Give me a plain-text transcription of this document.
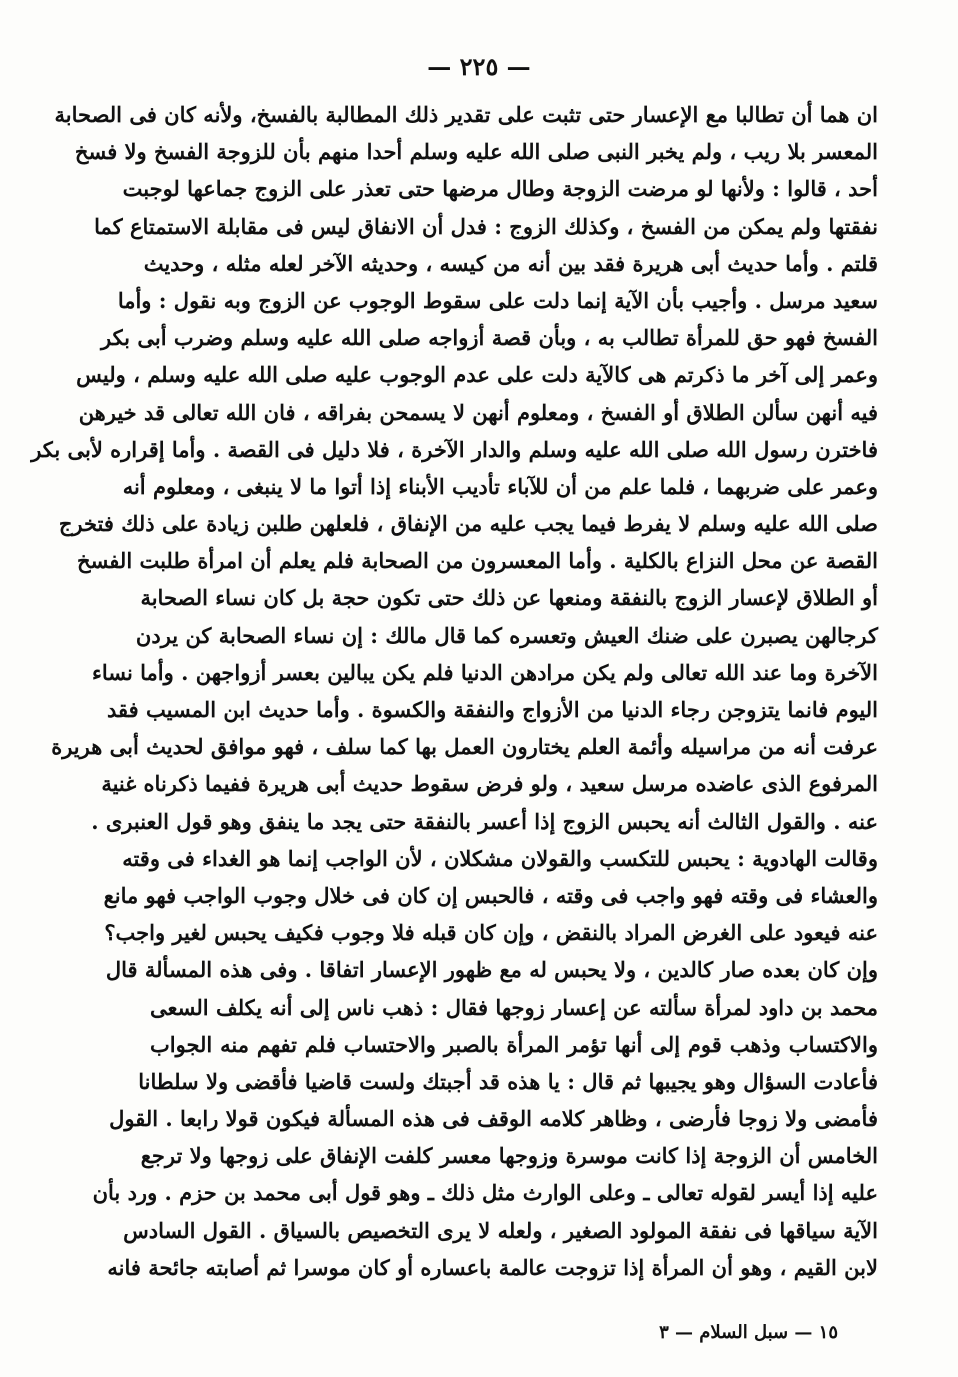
— ٢٢٥ —
ان هما أن تطالبا مع الإعسار حتى تثبت على تقدير ذلك المطالبة بالفسخ، ولأنه كان فى الصحابة
المعسر بلا ريب ، ولم يخبر النبى صلى الله عليه وسلم أحدا منهم بأن للزوجة الفسخ ولا فسخ
أحد ، قالوا : ولأنها لو مرضت الزوجة وطال مرضها حتى تعذر على الزوج جماعها لوجبت
نفقتها ولم يمكن من الفسخ ، وكذلك الزوج : فدل أن الانفاق ليس فى مقابلة الاستمتاع كما
قلتم . وأما حديث أبى هريرة فقد بين أنه من كيسه ، وحديثه الآخر لعله مثله ، وحديث
سعيد مرسل . وأجيب بأن الآية إنما دلت على سقوط الوجوب عن الزوج وبه نقول : وأما
الفسخ فهو حق للمرأة تطالب به ، وبأن قصة أزواجه صلى الله عليه وسلم وضرب أبى بكر
وعمر إلى آخر ما ذكرتم هى كالآية دلت على عدم الوجوب عليه صلى الله عليه وسلم ، وليس
فيه أنهن سألن الطلاق أو الفسخ ، ومعلوم أنهن لا يسمحن بفراقه ، فان الله تعالى قد خيرهن
فاخترن رسول الله صلى الله عليه وسلم والدار الآخرة ، فلا دليل فى القصة . وأما إقراره لأبى بكر
وعمر على ضربهما ، فلما علم من أن للآباء تأديب الأبناء إذا أتوا ما لا ينبغى ، ومعلوم أنه
صلى الله عليه وسلم لا يفرط فيما يجب عليه من الإنفاق ، فلعلهن طلبن زيادة على ذلك فتخرج
القصة عن محل النزاع بالكلية . وأما المعسرون من الصحابة فلم يعلم أن امرأة طلبت الفسخ
أو الطلاق لإعسار الزوج بالنفقة ومنعها عن ذلك حتى تكون حجة بل كان نساء الصحابة
كرجالهن يصبرن على ضنك العيش وتعسره كما قال مالك : إن نساء الصحابة كن يردن
الآخرة وما عند الله تعالى ولم يكن مرادهن الدنيا فلم يكن يبالين بعسر أزواجهن . وأما نساء
اليوم فانما يتزوجن رجاء الدنيا من الأزواج والنفقة والكسوة . وأما حديث ابن المسيب فقد
عرفت أنه من مراسيله وأئمة العلم يختارون العمل بها كما سلف ، فهو موافق لحديث أبى هريرة
المرفوع الذى عاضده مرسل سعيد ، ولو فرض سقوط حديث أبى هريرة ففيما ذكرناه غنية
عنه . والقول الثالث أنه يحبس الزوج إذا أعسر بالنفقة حتى يجد ما ينفق وهو قول العنبرى .
وقالت الهادوية : يحبس للتكسب والقولان مشكلان ، لأن الواجب إنما هو الغداء فى وقته
والعشاء فى وقته فهو واجب فى وقته ، فالحبس إن كان فى خلال وجوب الواجب فهو مانع
عنه فيعود على الغرض المراد بالنقض ، وإن كان قبله فلا وجوب فكيف يحبس لغير واجب؟
وإن كان بعده صار كالدين ، ولا يحبس له مع ظهور الإعسار اتفاقا . وفى هذه المسألة قال
محمد بن داود لمرأة سألته عن إعسار زوجها فقال : ذهب ناس إلى أنه يكلف السعى
والاكتساب وذهب قوم إلى أنها تؤمر المرأة بالصبر والاحتساب فلم تفهم منه الجواب
فأعادت السؤال وهو يجيبها ثم قال : يا هذه قد أجبتك ولست قاضيا فأقضى ولا سلطانا
فأمضى ولا زوجا فأرضى ، وظاهر كلامه الوقف فى هذه المسألة فيكون قولا رابعا . القول
الخامس أن الزوجة إذا كانت موسرة وزوجها معسر كلفت الإنفاق على زوجها ولا ترجع
عليه إذا أيسر لقوله تعالى ـ وعلى الوارث مثل ذلك ـ وهو قول أبى محمد بن حزم . ورد بأن
الآية سياقها فى نفقة المولود الصغير ، ولعله لا يرى التخصيص بالسياق . القول السادس
لابن القيم ، وهو أن المرأة إذا تزوجت عالمة باعساره أو كان موسرا ثم أصابته جائحة فانه
١٥ — سبل السلام — ٣
